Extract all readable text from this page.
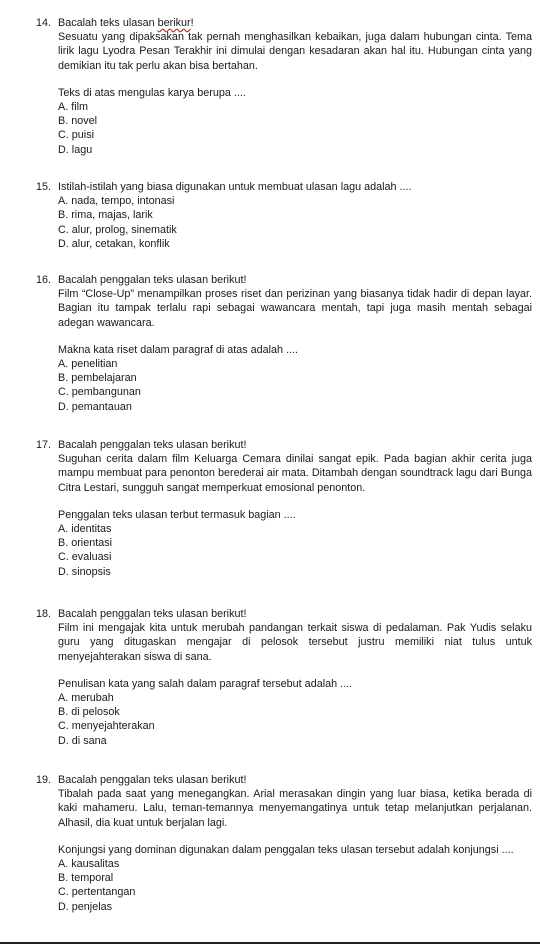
14. Bacalah teks ulasan berikur!
Sesuatu yang dipaksakan tak pernah menghasilkan kebaikan, juga dalam hubungan cinta. Tema lirik lagu Lyodra Pesan Terakhir ini dimulai dengan kesadaran akan hal itu. Hubungan cinta yang demikian itu tak perlu akan bisa bertahan.
Teks di atas mengulas karya berupa ....
A. film
B. novel
C. puisi
D. lagu
15. Istilah-istilah yang biasa digunakan untuk membuat ulasan lagu adalah ....
A. nada, tempo, intonasi
B. rima, majas, larik
C. alur, prolog, sinematik
D. alur, cetakan, konflik
16. Bacalah penggalan teks ulasan berikut!
Film “Close-Up” menampilkan proses riset dan perizinan yang biasanya tidak hadir di depan layar. Bagian itu tampak terlalu rapi sebagai wawancara mentah, tapi juga masih mentah sebagai adegan wawancara.
Makna kata riset dalam paragraf di atas adalah ....
A. penelitian
B. pembelajaran
C. pembangunan
D. pemantauan
17. Bacalah penggalan teks ulasan berikut!
Suguhan cerita dalam film Keluarga Cemara dinilai sangat epik. Pada bagian akhir cerita juga mampu membuat para penonton berederai air mata. Ditambah dengan soundtrack lagu dari Bunga Citra Lestari, sungguh sangat memperkuat emosional penonton.
Penggalan teks ulasan terbut termasuk bagian ....
A. identitas
B. orientasi
C. evaluasi
D. sinopsis
18. Bacalah penggalan teks ulasan berikut!
Film ini mengajak kita untuk merubah pandangan terkait siswa di pedalaman. Pak Yudis selaku guru yang ditugaskan mengajar di pelosok tersebut justru memiliki niat tulus untuk menyejahterakan siswa di sana.
Penulisan kata yang salah dalam paragraf tersebut adalah ....
A. merubah
B. di pelosok
C. menyejahterakan
D. di sana
19. Bacalah penggalan teks ulasan berikut!
Tibalah pada saat yang menegangkan. Arial merasakan dingin yang luar biasa, ketika berada di kaki mahameru. Lalu, teman-temannya menyemangatinya untuk tetap melanjutkan perjalanan. Alhasil, dia kuat untuk berjalan lagi.
Konjungsi yang dominan digunakan dalam penggalan teks ulasan tersebut adalah konjungsi ....
A. kausalitas
B. temporal
C. pertentangan
D. penjelas
